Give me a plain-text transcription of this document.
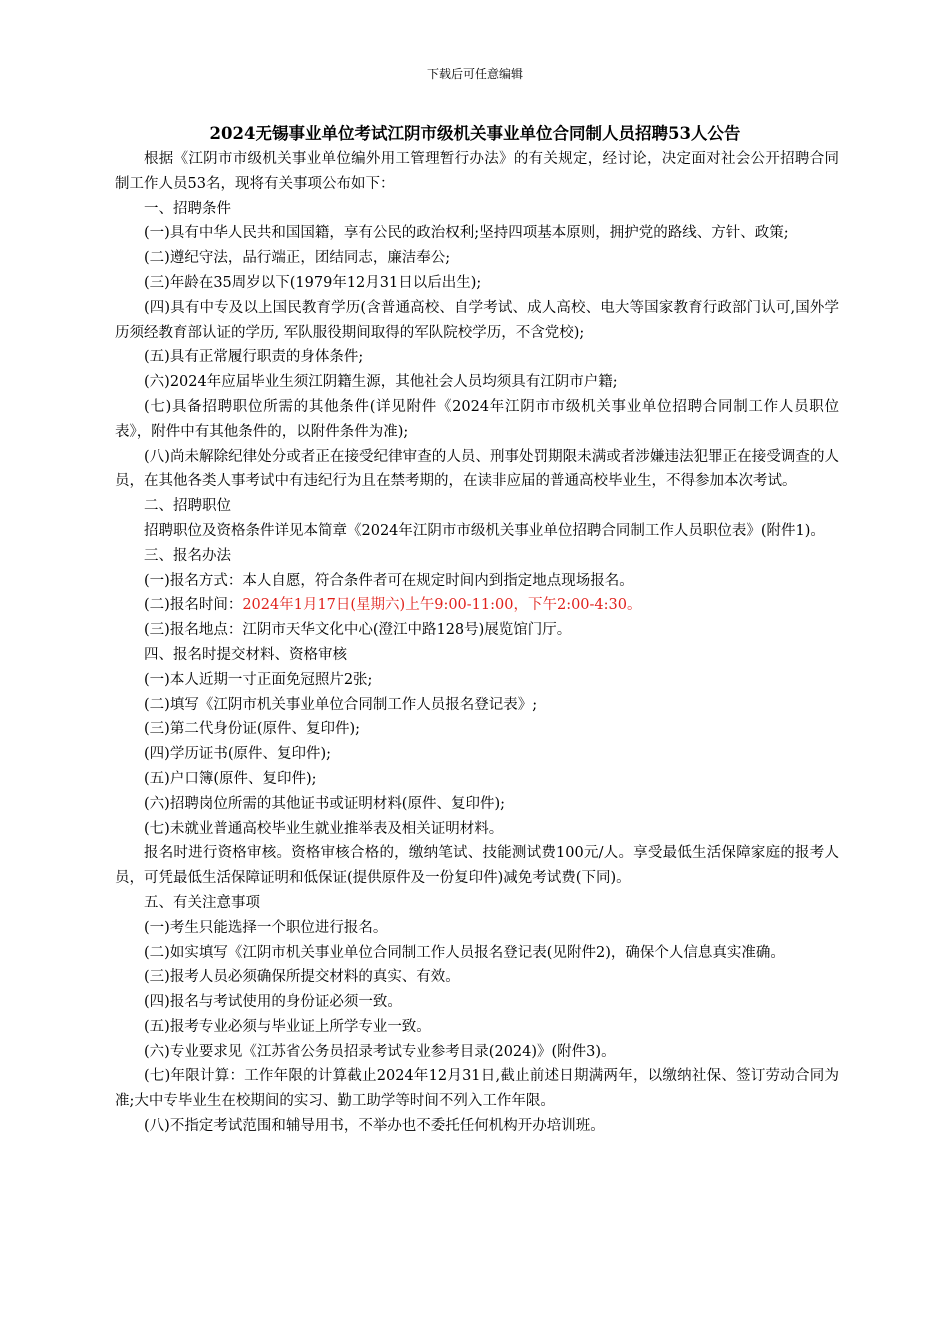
下载后可任意编辑
2024无锡事业单位考试江阴市级机关事业单位合同制人员招聘53人公告

根据《江阴市市级机关事业单位编外用工管理暂行办法》的有关规定，经讨论，决定面对社会公开招聘合同制工作人员53名，现将有关事项公布如下：

一、招聘条件

(一)具有中华人民共和国国籍，享有公民的政治权利;坚持四项基本原则，拥护党的路线、方针、政策;

(二)遵纪守法，品行端正，团结同志，廉洁奉公;

(三)年龄在35周岁以下(1979年12月31日以后出生);

(四)具有中专及以上国民教育学历(含普通高校、自学考试、成人高校、电大等国家教育行政部门认可,国外学历须经教育部认证的学历, 军队服役期间取得的军队院校学历，不含党校);

(五)具有正常履行职责的身体条件;

(六)2024年应届毕业生须江阴籍生源，其他社会人员均须具有江阴市户籍;

(七)具备招聘职位所需的其他条件(详见附件《2024年江阴市市级机关事业单位招聘合同制工作人员职位表》，附件中有其他条件的，以附件条件为准);

(八)尚未解除纪律处分或者正在接受纪律审查的人员、刑事处罚期限未满或者涉嫌违法犯罪正在接受调查的人员，在其他各类人事考试中有违纪行为且在禁考期的，在读非应届的普通高校毕业生，不得参加本次考试。

二、招聘职位

招聘职位及资格条件详见本简章《2024年江阴市市级机关事业单位招聘合同制工作人员职位表》(附件1)。

三、报名办法

(一)报名方式：本人自愿，符合条件者可在规定时间内到指定地点现场报名。

(二)报名时间：2024年1月17日(星期六)上午9:00-11:00，下午2:00-4:30。

(三)报名地点：江阴市天华文化中心(澄江中路128号)展览馆门厅。

四、报名时提交材料、资格审核

(一)本人近期一寸正面免冠照片2张;

(二)填写《江阴市机关事业单位合同制工作人员报名登记表》;

(三)第二代身份证(原件、复印件);

(四)学历证书(原件、复印件);

(五)户口簿(原件、复印件);

(六)招聘岗位所需的其他证书或证明材料(原件、复印件);

(七)未就业普通高校毕业生就业推举表及相关证明材料。

报名时进行资格审核。资格审核合格的，缴纳笔试、技能测试费100元/人。享受最低生活保障家庭的报考人员，可凭最低生活保障证明和低保证(提供原件及一份复印件)减免考试费(下同)。

五、有关注意事项

(一)考生只能选择一个职位进行报名。

(二)如实填写《江阴市机关事业单位合同制工作人员报名登记表(见附件2)，确保个人信息真实准确。

(三)报考人员必须确保所提交材料的真实、有效。

(四)报名与考试使用的身份证必须一致。

(五)报考专业必须与毕业证上所学专业一致。

(六)专业要求见《江苏省公务员招录考试专业参考目录(2024)》(附件3)。

(七)年限计算：工作年限的计算截止2024年12月31日,截止前述日期满两年，以缴纳社保、签订劳动合同为准;大中专毕业生在校期间的实习、勤工助学等时间不列入工作年限。

(八)不指定考试范围和辅导用书，不举办也不委托任何机构开办培训班。
